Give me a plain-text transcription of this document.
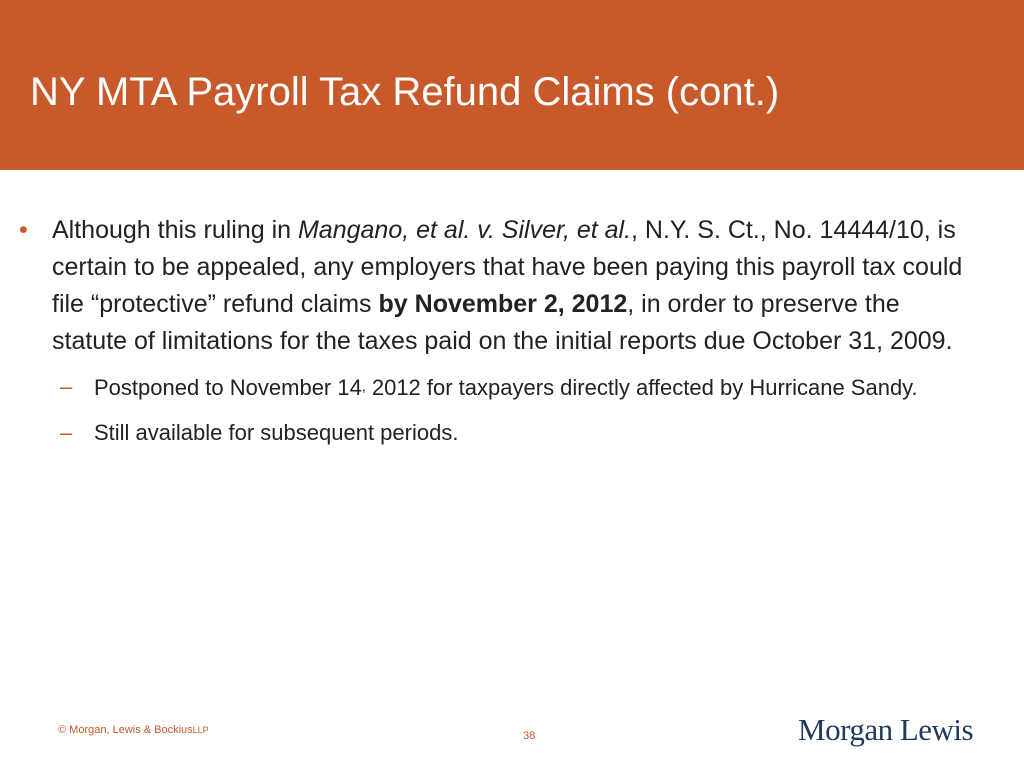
NY MTA Payroll Tax Refund Claims (cont.)
• Although this ruling in Mangano, et al. v. Silver, et al., N.Y. S. Ct., No. 14444/10, is certain to be appealed, any employers that have been paying this payroll tax could file “protective” refund claims by November 2, 2012, in order to preserve the statute of limitations for the taxes paid on the initial reports due October 31, 2009.
– Postponed to November 14, 2012 for taxpayers directly affected by Hurricane Sandy.
– Still available for subsequent periods.
© Morgan, Lewis & BockiusLLP	38	Morgan Lewis
